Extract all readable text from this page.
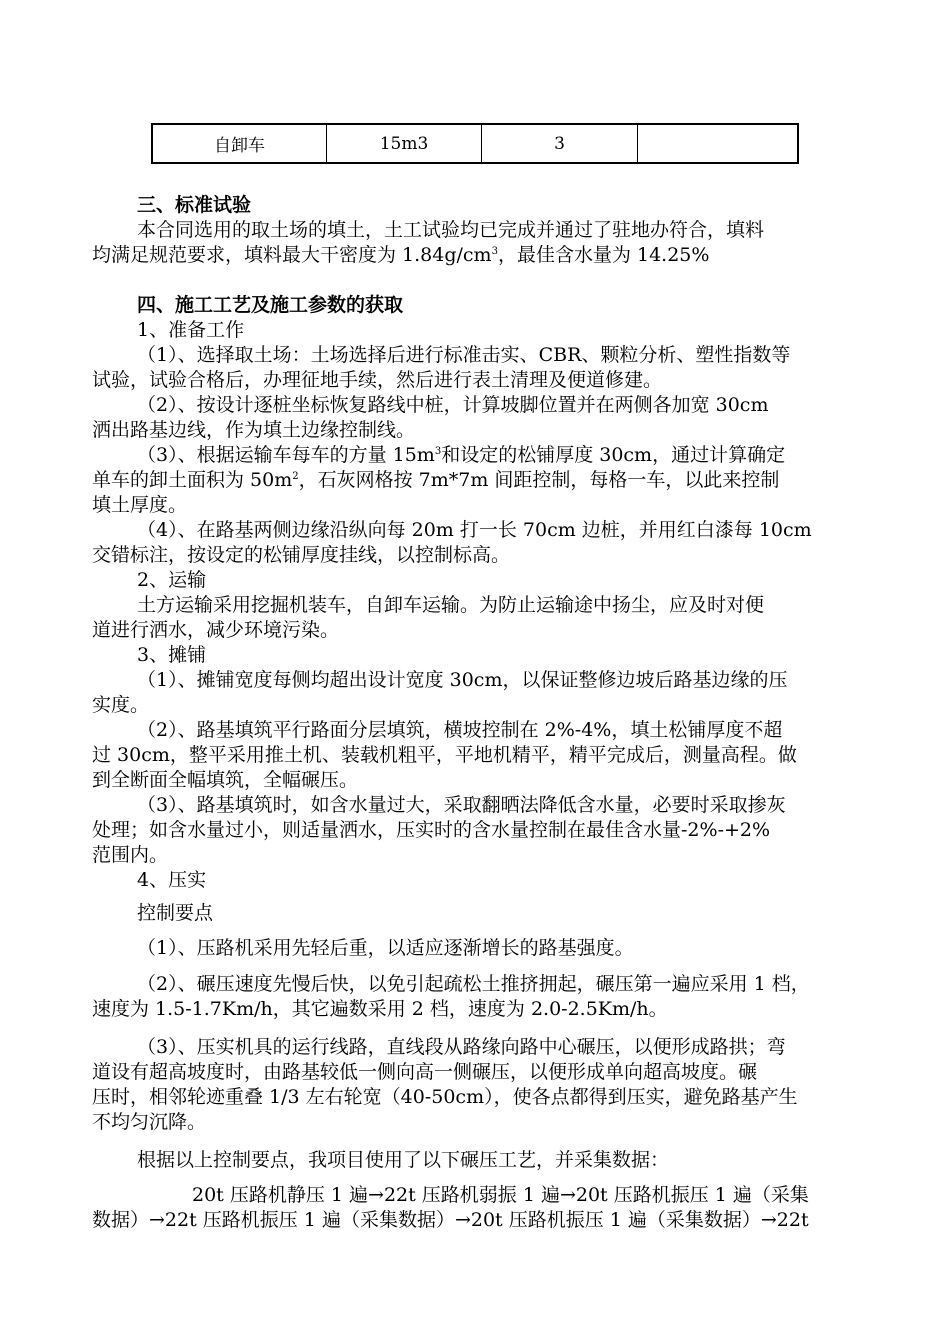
自卸车	15m3	3	
三、标准试验
本合同选用的取土场的填土，土工试验均已完成并通过了驻地办符合，填料
均满足规范要求，填料最大干密度为 $1.84g/cm^3$，最佳含水量为 14.25%
四、施工工艺及施工参数的获取
1、准备工作
（1）、选择取土场：土场选择后进行标准击实、CBR、颗粒分析、塑性指数等
试验，试验合格后，办理征地手续，然后进行表土清理及便道修建。
（2）、按设计逐桩坐标恢复路线中桩，计算坡脚位置并在两侧各加宽 30cm
洒出路基边线，作为填土边缘控制线。
（3）、根据运输车每车的方量 $15m^3$和设定的松铺厚度 30cm，通过计算确定
单车的卸土面积为 $50m^2$，石灰网格按 7m*7m 间距控制，每格一车，以此来控制
填土厚度。
（4）、在路基两侧边缘沿纵向每 20m 打一长 70cm 边桩，并用红白漆每 10cm
交错标注，按设定的松铺厚度挂线，以控制标高。
2、运输
土方运输采用挖掘机装车，自卸车运输。为防止运输途中扬尘，应及时对便
道进行洒水，减少环境污染。
3、摊铺
（1）、摊铺宽度每侧均超出设计宽度 30cm，以保证整修边坡后路基边缘的压
实度。
（2）、路基填筑平行路面分层填筑，横坡控制在 2%-4%，填土松铺厚度不超
过 30cm，整平采用推土机、装载机粗平，平地机精平，精平完成后，测量高程。做
到全断面全幅填筑，全幅碾压。
（3）、路基填筑时，如含水量过大，采取翻晒法降低含水量，必要时采取掺灰
处理；如含水量过小，则适量洒水，压实时的含水量控制在最佳含水量-2%-+2%
范围内。
4、压实
控制要点
（1）、压路机采用先轻后重，以适应逐渐增长的路基强度。
（2）、碾压速度先慢后快，以免引起疏松土推挤拥起，碾压第一遍应采用 1 档，
速度为 1.5-1.7Km/h，其它遍数采用 2 档，速度为 2.0-2.5Km/h。
（3）、压实机具的运行线路，直线段从路缘向路中心碾压，以便形成路拱；弯
道设有超高坡度时，由路基较低一侧向高一侧碾压，以便形成单向超高坡度。碾
压时，相邻轮迹重叠 1/3 左右轮宽（40-50cm），使各点都得到压实，避免路基产生
不均匀沉降。
根据以上控制要点，我项目使用了以下碾压工艺，并采集数据：
20t 压路机静压 1 遍→22t 压路机弱振 1 遍→20t 压路机振压 1 遍（采集
数据）→22t 压路机振压 1 遍（采集数据）→20t 压路机振压 1 遍（采集数据）→22t
